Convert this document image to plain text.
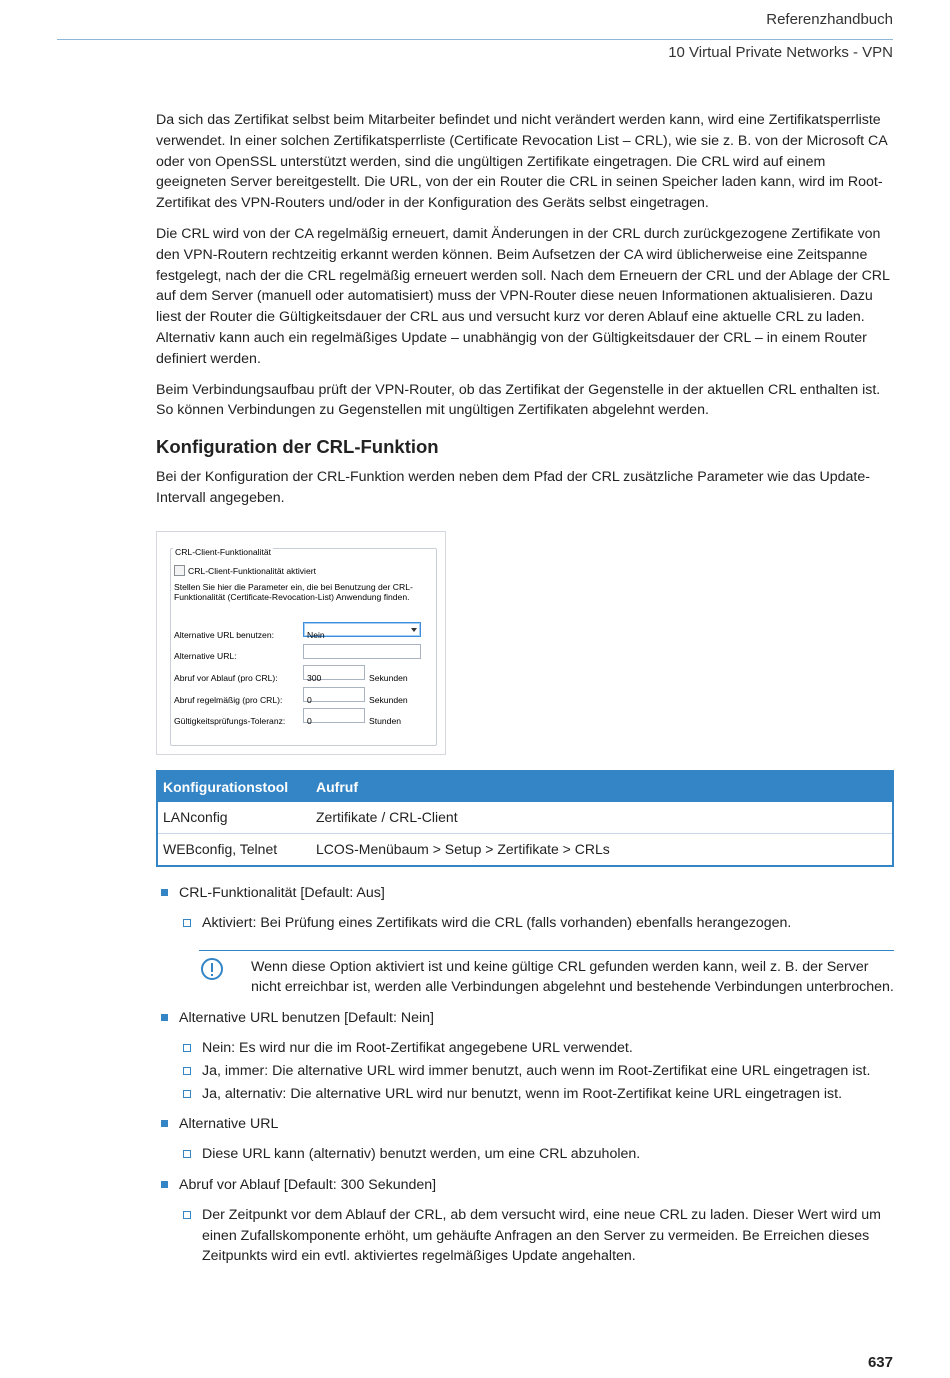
Referenzhandbuch
10 Virtual Private Networks - VPN

Da sich das Zertifikat selbst beim Mitarbeiter befindet und nicht verändert werden kann, wird eine Zertifikatsperrliste verwendet. In einer solchen Zertifikatsperrliste (Certificate Revocation List – CRL), wie sie z. B. von der Microsoft CA oder von OpenSSL unterstützt werden, sind die ungültigen Zertifikate eingetragen. Die CRL wird auf einem geeigneten Server bereitgestellt. Die URL, von der ein Router die CRL in seinen Speicher laden kann, wird im Root-Zertifikat des VPN-Routers und/oder in der Konfiguration des Geräts selbst eingetragen.

Die CRL wird von der CA regelmäßig erneuert, damit Änderungen in der CRL durch zurückgezogene Zertifikate von den VPN-Routern rechtzeitig erkannt werden können. Beim Aufsetzen der CA wird üblicherweise eine Zeitspanne festgelegt, nach der die CRL regelmäßig erneuert werden soll. Nach dem Erneuern der CRL und der Ablage der CRL auf dem Server (manuell oder automatisiert) muss der VPN-Router diese neuen Informationen aktualisieren. Dazu liest der Router die Gültigkeitsdauer der CRL aus und versucht kurz vor deren Ablauf eine aktuelle CRL zu laden. Alternativ kann auch ein regelmäßiges Update – unabhängig von der Gültigkeitsdauer der CRL – in einem Router definiert werden.

Beim Verbindungsaufbau prüft der VPN-Router, ob das Zertifikat der Gegenstelle in der aktuellen CRL enthalten ist. So können Verbindungen zu Gegenstellen mit ungültigen Zertifikaten abgelehnt werden.

Konfiguration der CRL-Funktion

Bei der Konfiguration der CRL-Funktion werden neben dem Pfad der CRL zusätzliche Parameter wie das Update-Intervall angegeben.

CRL-Client-Funktionalität
CRL-Client-Funktionalität aktiviert
Stellen Sie hier die Parameter ein, die bei Benutzung der CRL-Funktionalität (Certificate-Revocation-List) Anwendung finden.
Alternative URL benutzen:	Nein
Alternative URL:
Abruf vor Ablauf (pro CRL):	300	Sekunden
Abruf regelmäßig (pro CRL):	0	Sekunden
Gültigkeitsprüfungs-Toleranz:	0	Stunden
Konfigurationstool	Aufruf
LANconfig	Zertifikate / CRL-Client
WEBconfig, Telnet	LCOS-Menübaum > Setup > Zertifikate > CRLs
CRL-Funktionalität [Default: Aus]
Aktiviert: Bei Prüfung eines Zertifikats wird die CRL (falls vorhanden) ebenfalls herangezogen.
Wenn diese Option aktiviert ist und keine gültige CRL gefunden werden kann, weil z. B. der Server nicht erreichbar ist, werden alle Verbindungen abgelehnt und bestehende Verbindungen unterbrochen.
Alternative URL benutzen [Default: Nein]
Nein: Es wird nur die im Root-Zertifikat angegebene URL verwendet.
Ja, immer: Die alternative URL wird immer benutzt, auch wenn im Root-Zertifikat eine URL eingetragen ist.
Ja, alternativ: Die alternative URL wird nur benutzt, wenn im Root-Zertifikat keine URL eingetragen ist.
Alternative URL
Diese URL kann (alternativ) benutzt werden, um eine CRL abzuholen.
Abruf vor Ablauf [Default: 300 Sekunden]
Der Zeitpunkt vor dem Ablauf der CRL, ab dem versucht wird, eine neue CRL zu laden. Dieser Wert wird um einen Zufallskomponente erhöht, um gehäufte Anfragen an den Server zu vermeiden. Be Erreichen dieses Zeitpunkts wird ein evtl. aktiviertes regelmäßiges Update angehalten.
637
